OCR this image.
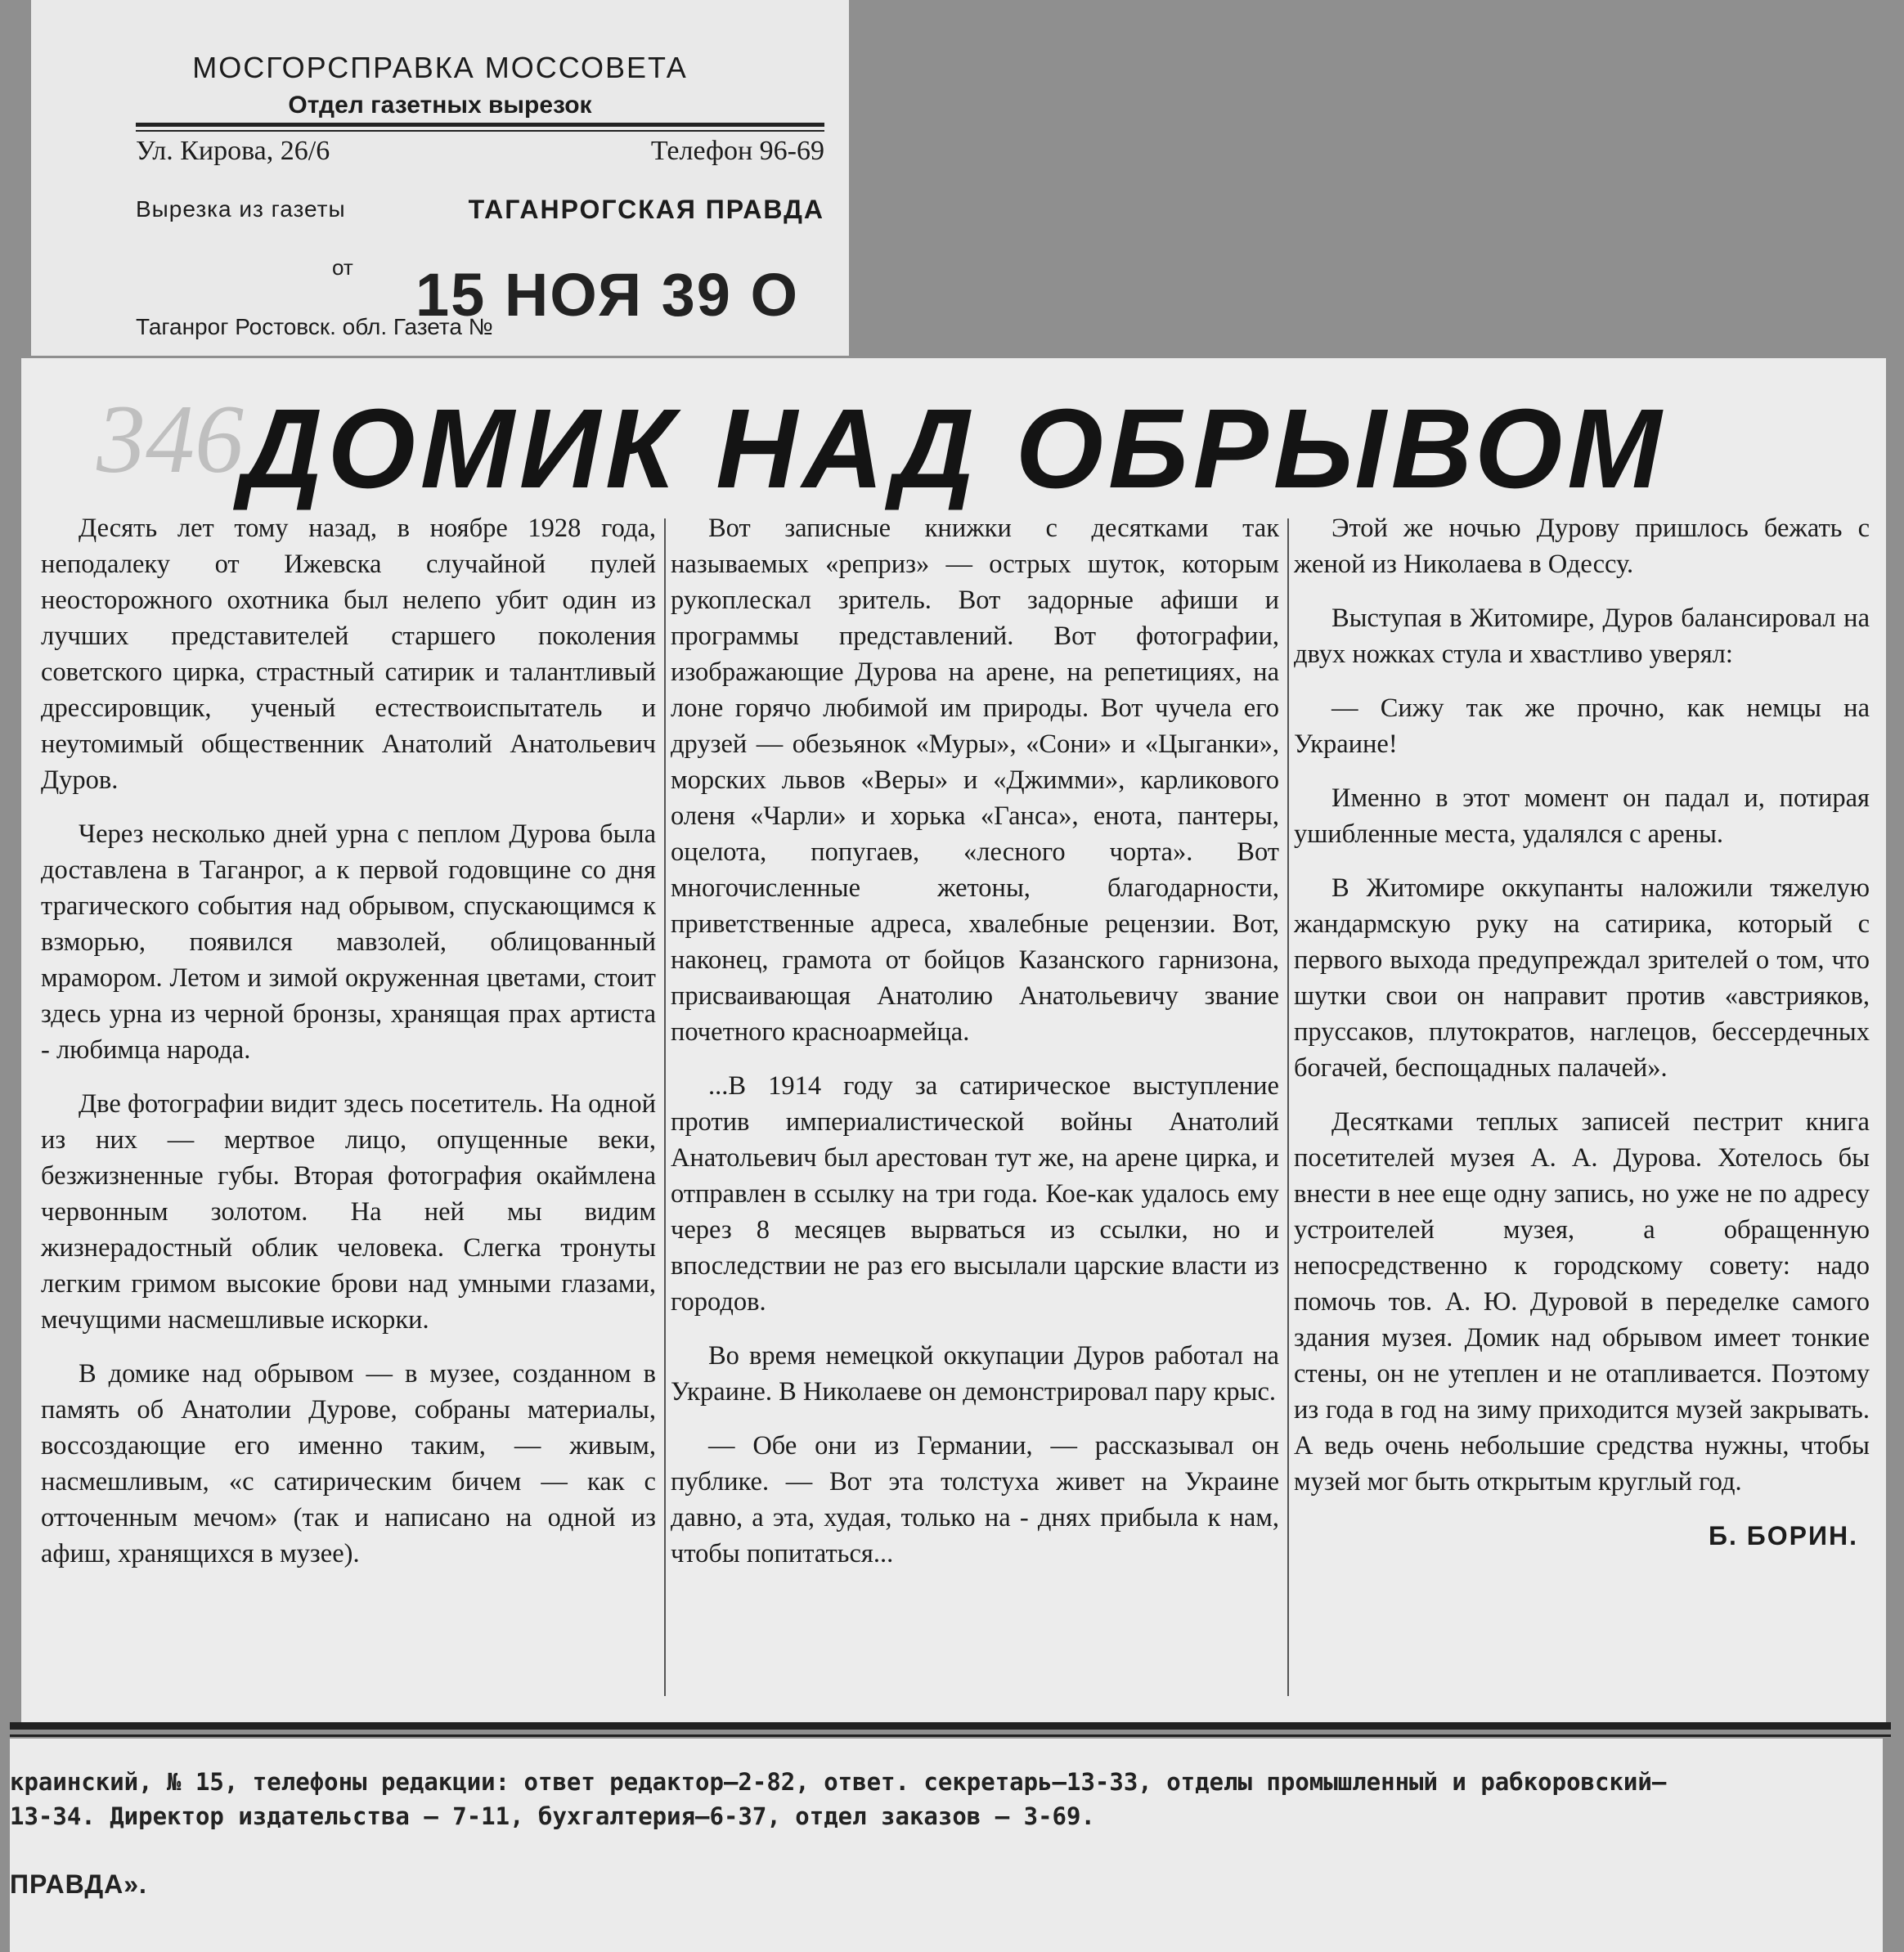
МОСГОРСПРАВКА МОССОВЕТА
Отдел газетных вырезок
Ул. Кирова, 26/6	Телефон 96-69
Вырезка из газеты	ТАГАНРОГСКАЯ ПРАВДА
от 15 НОЯ 39 О
Таганрог Ростовск. обл. Газета №
346
ДОМИК НАД ОБРЫВОМ

Десять лет тому назад, в ноябре 1928 года, неподалеку от Ижевска случайной пулей неосторожного охотника был нелепо убит один из лучших представителей старшего поколения советского цирка, страстный сатирик и талантливый дрессировщик, ученый естествоиспытатель и неутомимый общественник Анатолий Анатольевич Дуров.

Через несколько дней урна с пеплом Дурова была доставлена в Таганрог, а к первой годовщине со дня трагического события над обрывом, спускающимся к взморью, появился мавзолей, облицованный мрамором. Летом и зимой окруженная цветами, стоит здесь урна из черной бронзы, хранящая прах артиста - любимца народа.

Две фотографии видит здесь посетитель. На одной из них — мертвое лицо, опущенные веки, безжизненные губы. Вторая фотография окаймлена червонным золотом. На ней мы видим жизнерадостный облик человека. Слегка тронуты легким гримом высокие брови над умными глазами, мечущими насмешливые искорки.

В домике над обрывом — в музее, созданном в память об Анатолии Дурове, собраны материалы, воссоздающие его именно таким, — живым, насмешливым, «с сатирическим бичем — как с отточенным мечом» (так и написано на одной из афиш, хранящихся в музее).

Вот записные книжки с десятками так называемых «реприз» — острых шуток, которым рукоплескал зритель. Вот задорные афиши и программы представлений. Вот фотографии, изображающие Дурова на арене, на репетициях, на лоне горячо любимой им природы. Вот чучела его друзей — обезьянок «Муры», «Сони» и «Цыганки», морских львов «Веры» и «Джимми», карликового оленя «Чарли» и хорька «Ганса», енота, пантеры, оцелота, попугаев, «лесного чорта». Вот многочисленные жетоны, благодарности, приветственные адреса, хвалебные рецензии. Вот, наконец, грамота от бойцов Казанского гарнизона, присваивающая Анатолию Анатольевичу звание почетного красноармейца.

...В 1914 году за сатирическое выступление против империалистической войны Анатолий Анатольевич был арестован тут же, на арене цирка, и отправлен в ссылку на три года. Кое-как удалось ему через 8 месяцев вырваться из ссылки, но и впоследствии не раз его высылали царские власти из городов.

Во время немецкой оккупации Дуров работал на Украине. В Николаеве он демонстрировал пару крыс.

— Обе они из Германии, — рассказывал он публике. — Вот эта толстуха живет на Украине давно, а эта, худая, только на - днях прибыла к нам, чтобы попитаться...

Этой же ночью Дурову пришлось бежать с женой из Николаева в Одессу.

Выступая в Житомире, Дуров балансировал на двух ножках стула и хвастливо уверял:

— Сижу так же прочно, как немцы на Украине!

Именно в этот момент он падал и, потирая ушибленные места, удалялся с арены.

В Житомире оккупанты наложили тяжелую жандармскую руку на сатирика, который с первого выхода предупреждал зрителей о том, что шутки свои он направит против «австрияков, пруссаков, плутократов, наглецов, бессердечных богачей, беспощадных палачей».

Десятками теплых записей пестрит книга посетителей музея А. А. Дурова. Хотелось бы внести в нее еще одну запись, но уже не по адресу устроителей музея, а обращенную непосредственно к городскому совету: надо помочь тов. А. Ю. Дуровой в переделке самого здания музея. Домик над обрывом имеет тонкие стены, он не утеплен и не отапливается. Поэтому из года в год на зиму приходится музей закрывать. А ведь очень небольшие средства нужны, чтобы музей мог быть открытым круглый год.

Б. БОРИН.
краинский, № 15, телефоны редакции: ответ редактор—2-82, ответ. секретарь—13-33, отделы промышленный и рабкоровский—
13-34. Директор издательства — 7-11, бухгалтерия—6-37, отдел заказов — 3-69.
ПРАВДА».
